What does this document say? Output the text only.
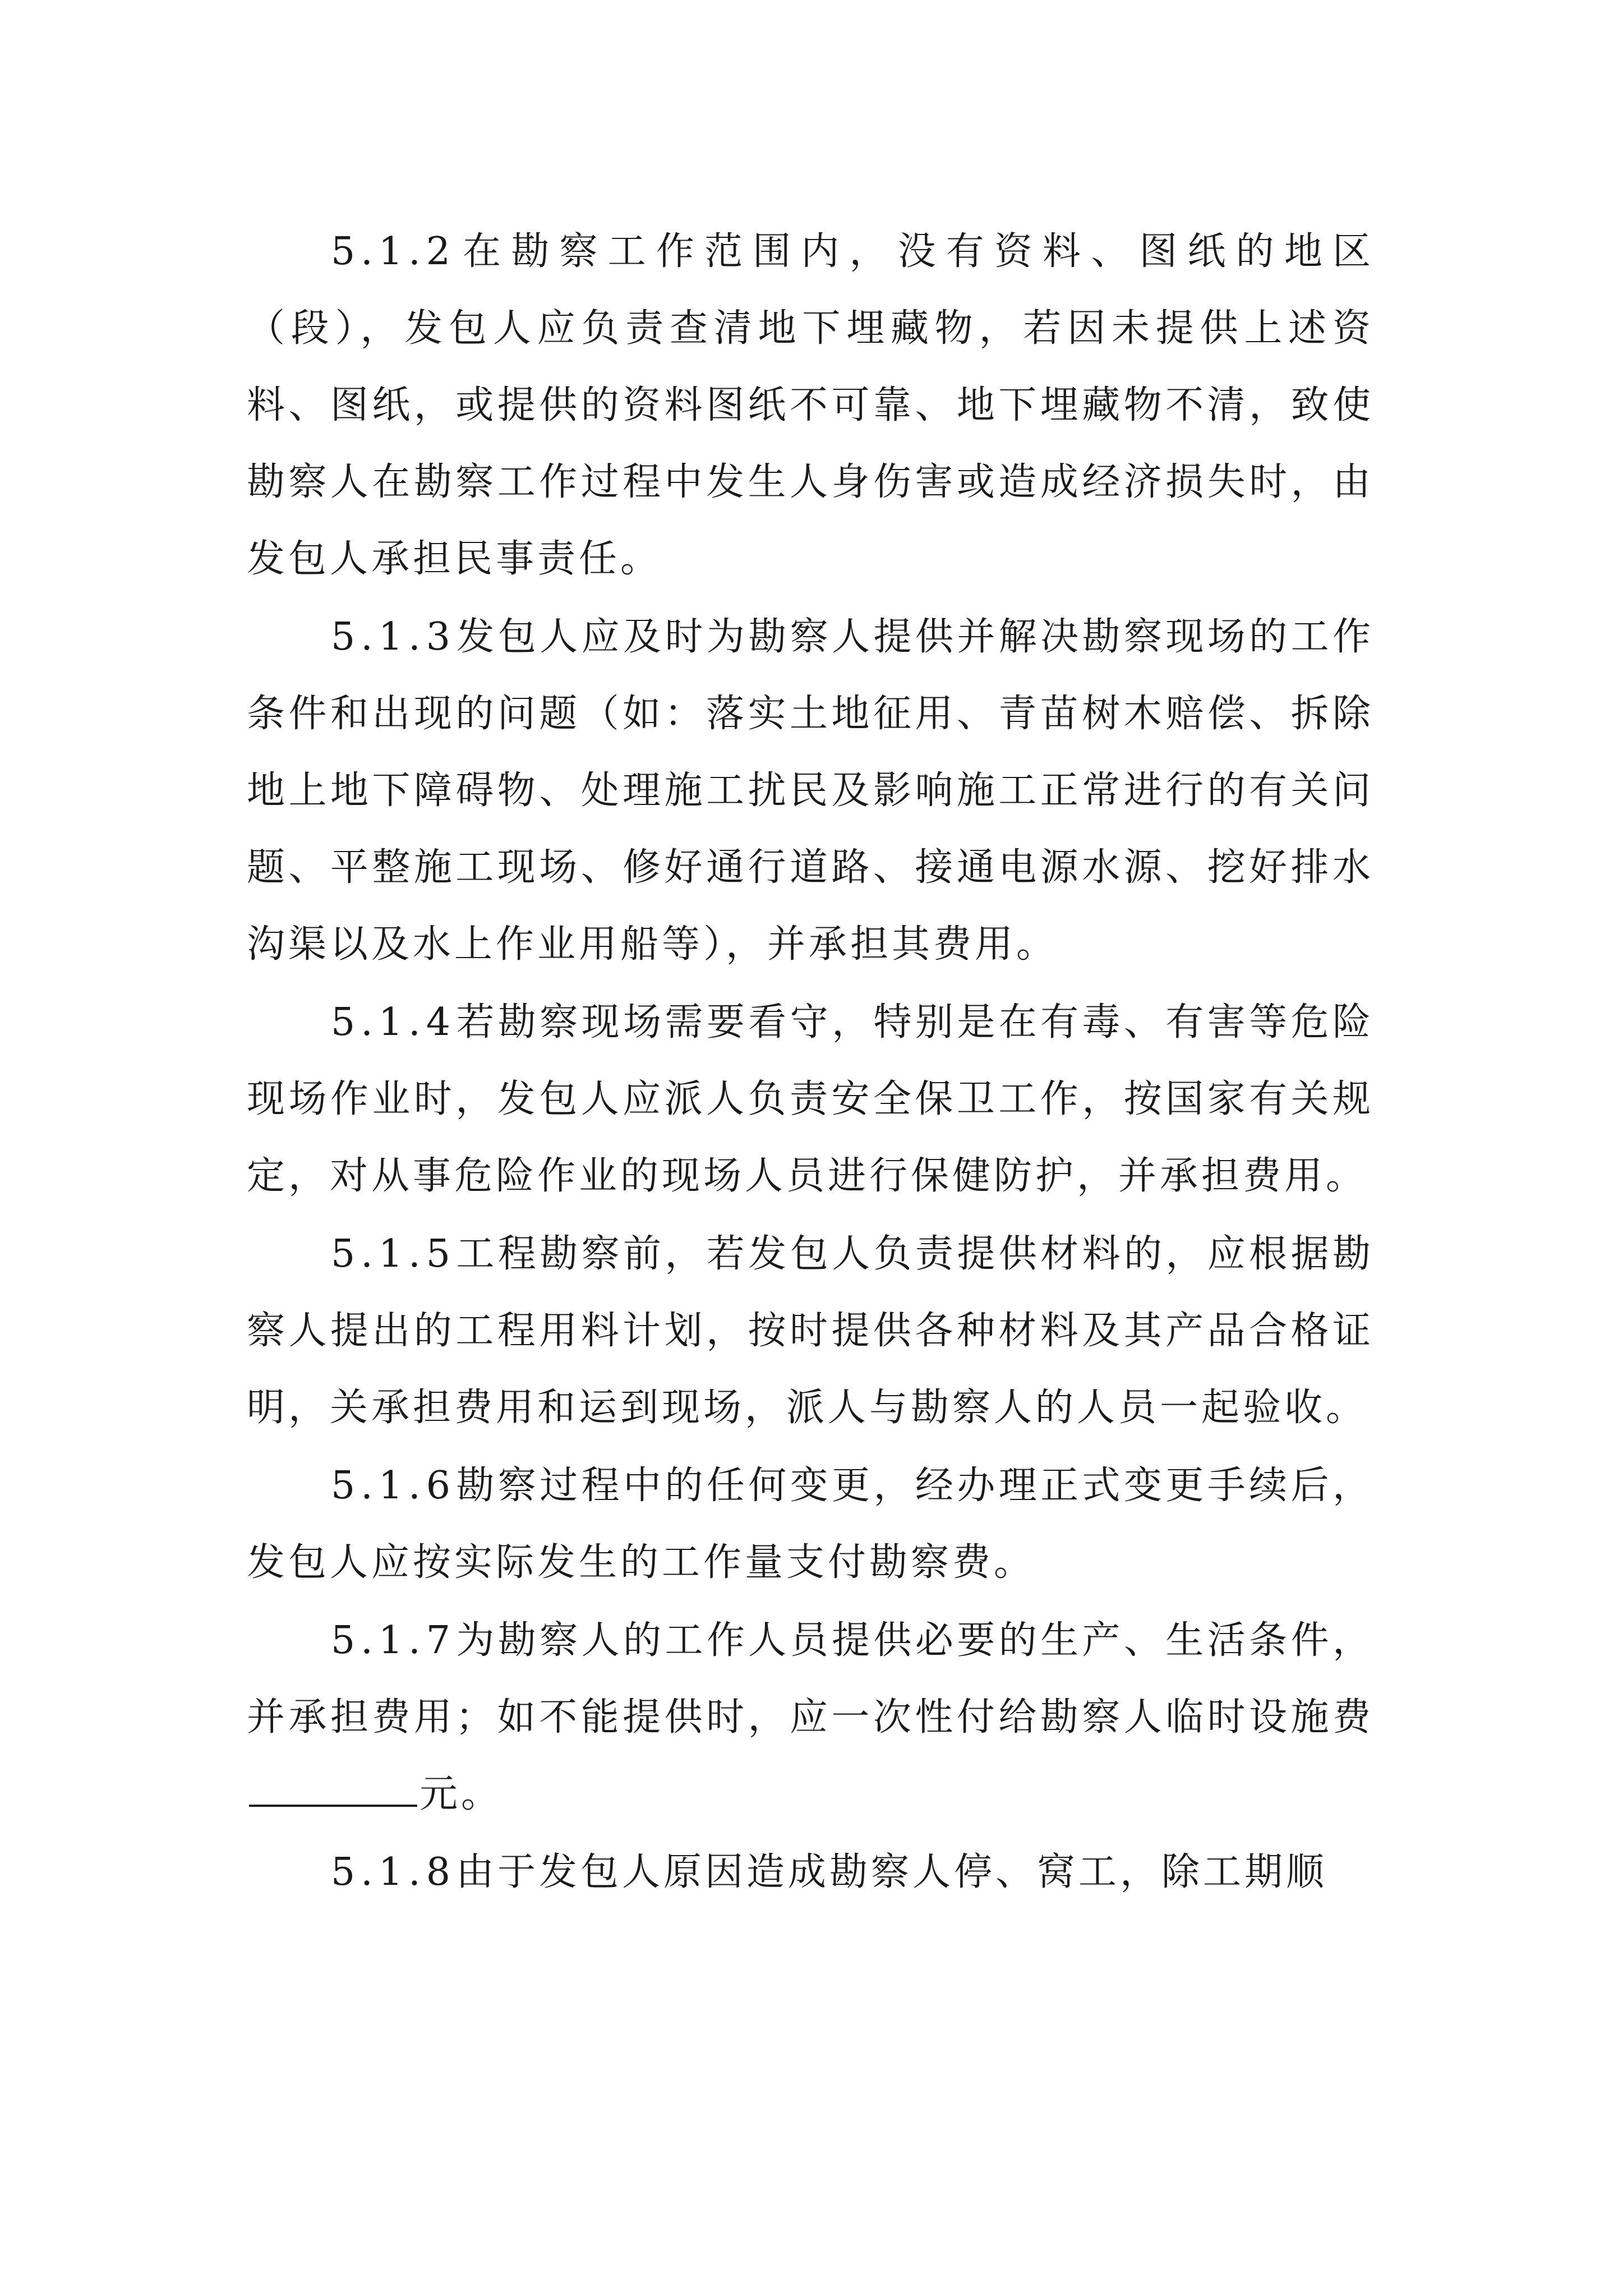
5.1.2在勘察工作范围内，没有资料、图纸的地区（段），发包人应负责查清地下埋藏物，若因未提供上述资料、图纸，或提供的资料图纸不可靠、地下埋藏物不清，致使勘察人在勘察工作过程中发生人身伤害或造成经济损失时，由发包人承担民事责任。

5.1.3发包人应及时为勘察人提供并解决勘察现场的工作条件和出现的问题（如：落实土地征用、青苗树木赔偿、拆除地上地下障碍物、处理施工扰民及影响施工正常进行的有关问题、平整施工现场、修好通行道路、接通电源水源、挖好排水沟渠以及水上作业用船等），并承担其费用。

5.1.4若勘察现场需要看守，特别是在有毒、有害等危险现场作业时，发包人应派人负责安全保卫工作，按国家有关规定，对从事危险作业的现场人员进行保健防护，并承担费用。

5.1.5工程勘察前，若发包人负责提供材料的，应根据勘察人提出的工程用料计划，按时提供各种材料及其产品合格证明，关承担费用和运到现场，派人与勘察人的人员一起验收。

5.1.6勘察过程中的任何变更，经办理正式变更手续后，发包人应按实际发生的工作量支付勘察费。

5.1.7为勘察人的工作人员提供必要的生产、生活条件，并承担费用；如不能提供时，应一次性付给勘察人临时设施费元。

5.1.8由于发包人原因造成勘察人停、窝工，除工期顺
